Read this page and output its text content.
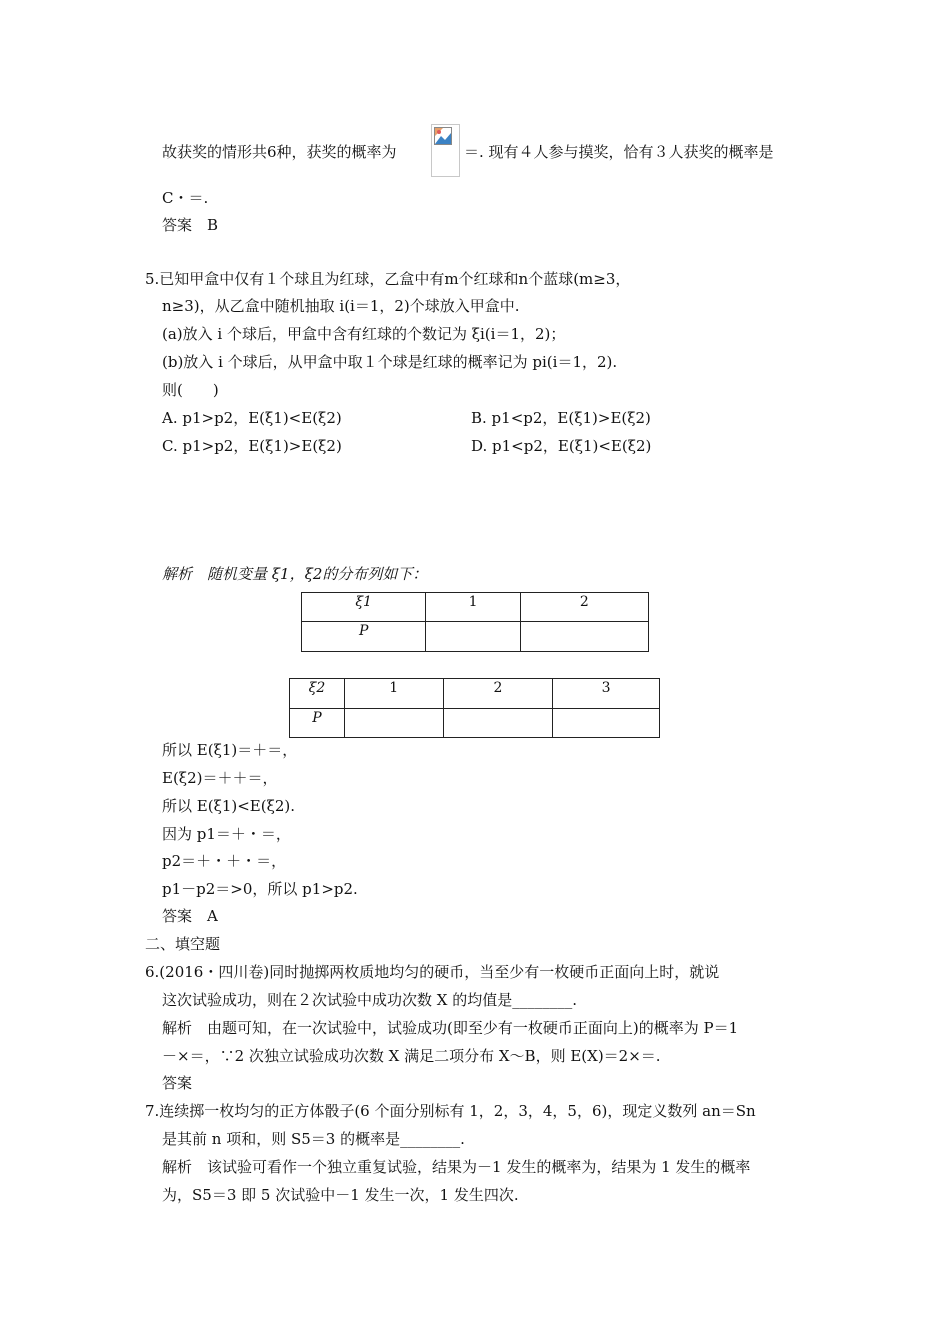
故获奖的情形共6种，获奖的概率为	＝. 现有４人参与摸奖，恰有３人获奖的概率是
C・＝.
答案　B
5.已知甲盒中仅有１个球且为红球，乙盒中有m个红球和n个蓝球(m≥3，
n≥3)，从乙盒中随机抽取 i(i＝1，2)个球放入甲盒中.
(a)放入 i 个球后，甲盒中含有红球的个数记为 ξi(i＝1，2)；
(b)放入 i 个球后，从甲盒中取１个球是红球的概率记为 pi(i＝1，2).
则(　　)
A. p1>p2，E(ξ1)<E(ξ2)	B. p1<p2，E(ξ1)>E(ξ2)
C. p1>p2，E(ξ1)>E(ξ2)	D. p1<p2，E(ξ1)<E(ξ2)
解析　随机变量 ξ1，ξ2的分布列如下：
ξ1	1	2
P		
ξ2	1	2	3
P			
所以 E(ξ1)＝＋＝，
E(ξ2)＝＋＋＝，
所以 E(ξ1)<E(ξ2).
因为 p1＝＋・＝，
p2＝＋・＋・＝，
p1－p2＝>0，所以 p1>p2.
答案　A
二、填空题
6.(2016・四川卷)同时抛掷两枚质地均匀的硬币，当至少有一枚硬币正面向上时，就说
这次试验成功，则在２次试验中成功次数 X 的均值是________.
解析　由题可知，在一次试验中，试验成功(即至少有一枚硬币正面向上)的概率为 P＝1
－×＝，∵2 次独立试验成功次数 X 满足二项分布 X～B，则 E(X)＝2×＝.
答案
7.连续掷一枚均匀的正方体骰子(6 个面分别标有 1，2，3，4，5，6)，现定义数列 an＝Sn
是其前 n 项和，则 S5＝3 的概率是________.
解析　该试验可看作一个独立重复试验，结果为－1 发生的概率为，结果为 1 发生的概率
为，S5＝3 即 5 次试验中－1 发生一次，1 发生四次.
